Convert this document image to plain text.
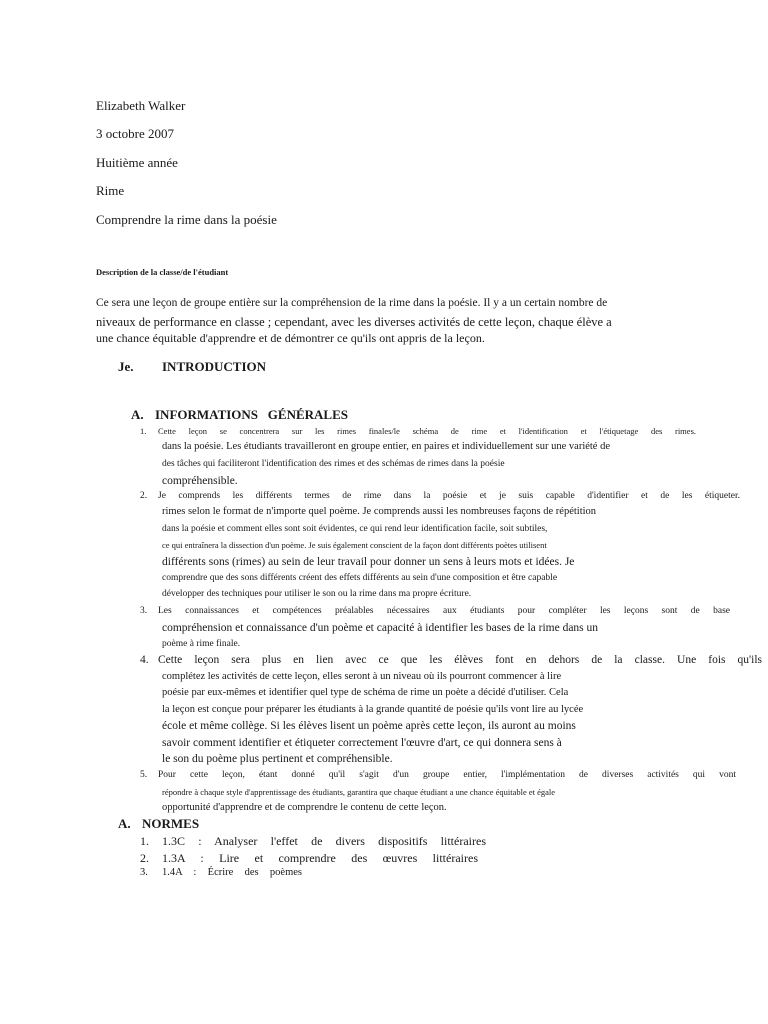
Elizabeth Walker
3 octobre 2007
Huitième année
Rime
Comprendre la rime dans la poésie
Description de la classe/de l'étudiant
Ce sera une leçon de groupe entière sur la compréhension de la rime dans la poésie. Il y a un certain nombre de
niveaux de performance en classe ; cependant, avec les diverses activités de cette leçon, chaque élève a
une chance équitable d'apprendre et de démontrer ce qu'ils ont appris de la leçon.
Je. INTRODUCTION

A. INFORMATIONS   GÉNÉRALES

1. Cette leçon se concentrera sur les rimes finales/le schéma de rime et l'identification et l'étiquetage des rimes.
dans la poésie. Les étudiants travailleront en groupe entier, en paires et individuellement sur une variété de
des tâches qui faciliteront l'identification des rimes et des schémas de rimes dans la poésie
compréhensible.
2. Je comprends les différents termes de rime dans la poésie et je suis capable d'identifier et de les étiqueter.
rimes selon le format de n'importe quel poème. Je comprends aussi les nombreuses façons de répétition
dans la poésie et comment elles sont soit évidentes, ce qui rend leur identification facile, soit subtiles,
ce qui entraînera la dissection d'un poème. Je suis également conscient de la façon dont différents poètes utilisent
différents sons (rimes) au sein de leur travail pour donner un sens à leurs mots et idées. Je
comprendre que des sons différents créent des effets différents au sein d'une composition et être capable
développer des techniques pour utiliser le son ou la rime dans ma propre écriture.
3. Les connaissances et compétences préalables nécessaires aux étudiants pour compléter les leçons sont de base
compréhension et connaissance d'un poème et capacité à identifier les bases de la rime dans un
poème à rime finale.
4. Cette leçon sera plus en lien avec ce que les élèves font en dehors de la classe. Une fois qu'ils
complétez les activités de cette leçon, elles seront à un niveau où ils pourront commencer à lire
poésie par eux-mêmes et identifier quel type de schéma de rime un poète a décidé d'utiliser. Cela
la leçon est conçue pour préparer les étudiants à la grande quantité de poésie qu'ils vont lire au lycée
école et même collège. Si les élèves lisent un poème après cette leçon, ils auront au moins
savoir comment identifier et étiqueter correctement l'œuvre d'art, ce qui donnera sens à
le son du poème plus pertinent et compréhensible.
5. Pour cette leçon, étant donné qu'il s'agit d'un groupe entier, l'implémentation de diverses activités qui vont
répondre à chaque style d'apprentissage des étudiants, garantira que chaque étudiant a une chance équitable et égale
opportunité d'apprendre et de comprendre le contenu de cette leçon.
A. NORMES
1. 1.3C : Analyser l'effet de divers dispositifs littéraires
2. 1.3A : Lire et comprendre des œuvres littéraires
3. 1.4A : Écrire des poèmes
